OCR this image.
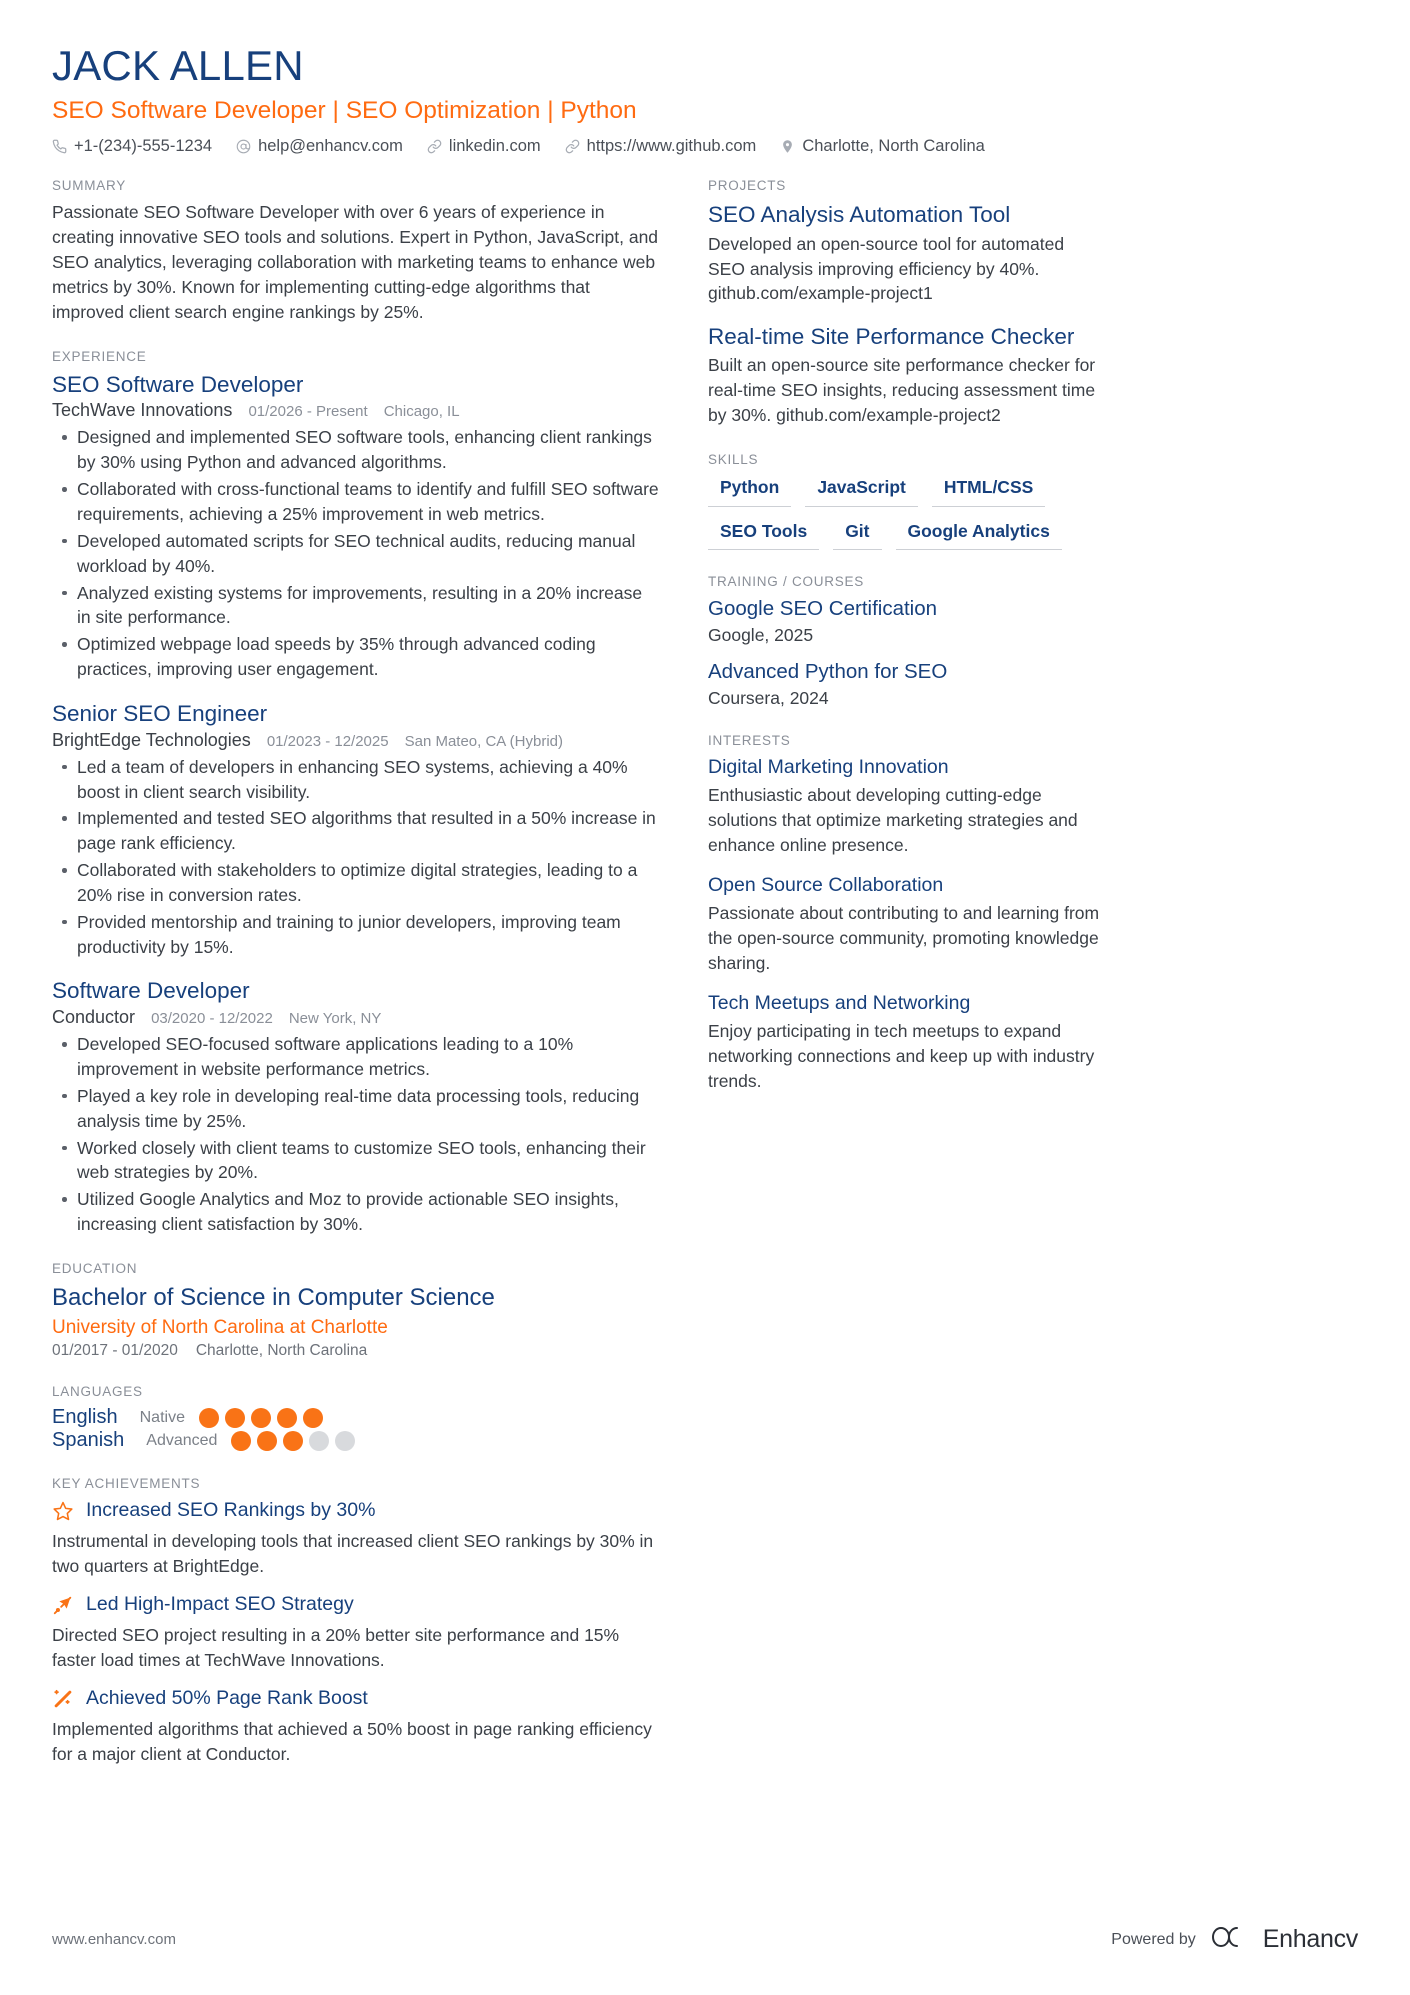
JACK ALLEN
SEO Software Developer | SEO Optimization | Python
+1-(234)-555-1234	help@enhancv.com	linkedin.com	https://www.github.com	Charlotte, North Carolina
SUMMARY
Passionate SEO Software Developer with over 6 years of experience in creating innovative SEO tools and solutions. Expert in Python, JavaScript, and SEO analytics, leveraging collaboration with marketing teams to enhance web metrics by 30%. Known for implementing cutting-edge algorithms that improved client search engine rankings by 25%.
EXPERIENCE
SEO Software Developer
TechWave Innovations 01/2026 - Present Chicago, IL
Designed and implemented SEO software tools, enhancing client rankings by 30% using Python and advanced algorithms.
Collaborated with cross-functional teams to identify and fulfill SEO software requirements, achieving a 25% improvement in web metrics.
Developed automated scripts for SEO technical audits, reducing manual workload by 40%.
Analyzed existing systems for improvements, resulting in a 20% increase in site performance.
Optimized webpage load speeds by 35% through advanced coding practices, improving user engagement.
Senior SEO Engineer
BrightEdge Technologies 01/2023 - 12/2025 San Mateo, CA (Hybrid)
Led a team of developers in enhancing SEO systems, achieving a 40% boost in client search visibility.
Implemented and tested SEO algorithms that resulted in a 50% increase in page rank efficiency.
Collaborated with stakeholders to optimize digital strategies, leading to a 20% rise in conversion rates.
Provided mentorship and training to junior developers, improving team productivity by 15%.
Software Developer
Conductor 03/2020 - 12/2022 New York, NY
Developed SEO-focused software applications leading to a 10% improvement in website performance metrics.
Played a key role in developing real-time data processing tools, reducing analysis time by 25%.
Worked closely with client teams to customize SEO tools, enhancing their web strategies by 20%.
Utilized Google Analytics and Moz to provide actionable SEO insights, increasing client satisfaction by 30%.
EDUCATION
Bachelor of Science in Computer Science
University of North Carolina at Charlotte
01/2017 - 01/2020 Charlotte, North Carolina
LANGUAGES
English Native
Spanish Advanced
KEY ACHIEVEMENTS
Increased SEO Rankings by 30%
Instrumental in developing tools that increased client SEO rankings by 30% in two quarters at BrightEdge.
Led High-Impact SEO Strategy
Directed SEO project resulting in a 20% better site performance and 15% faster load times at TechWave Innovations.
Achieved 50% Page Rank Boost
Implemented algorithms that achieved a 50% boost in page ranking efficiency for a major client at Conductor.
PROJECTS
SEO Analysis Automation Tool
Developed an open-source tool for automated SEO analysis improving efficiency by 40%. github.com/example-project1
Real-time Site Performance Checker
Built an open-source site performance checker for real-time SEO insights, reducing assessment time by 30%. github.com/example-project2
SKILLS
Python	JavaScript	HTML/CSS
SEO Tools	Git	Google Analytics
TRAINING / COURSES
Google SEO Certification
Google, 2025
Advanced Python for SEO
Coursera, 2024
INTERESTS
Digital Marketing Innovation
Enthusiastic about developing cutting-edge solutions that optimize marketing strategies and enhance online presence.
Open Source Collaboration
Passionate about contributing to and learning from the open-source community, promoting knowledge sharing.
Tech Meetups and Networking
Enjoy participating in tech meetups to expand networking connections and keep up with industry trends.
www.enhancv.com	Powered by	Enhancv
